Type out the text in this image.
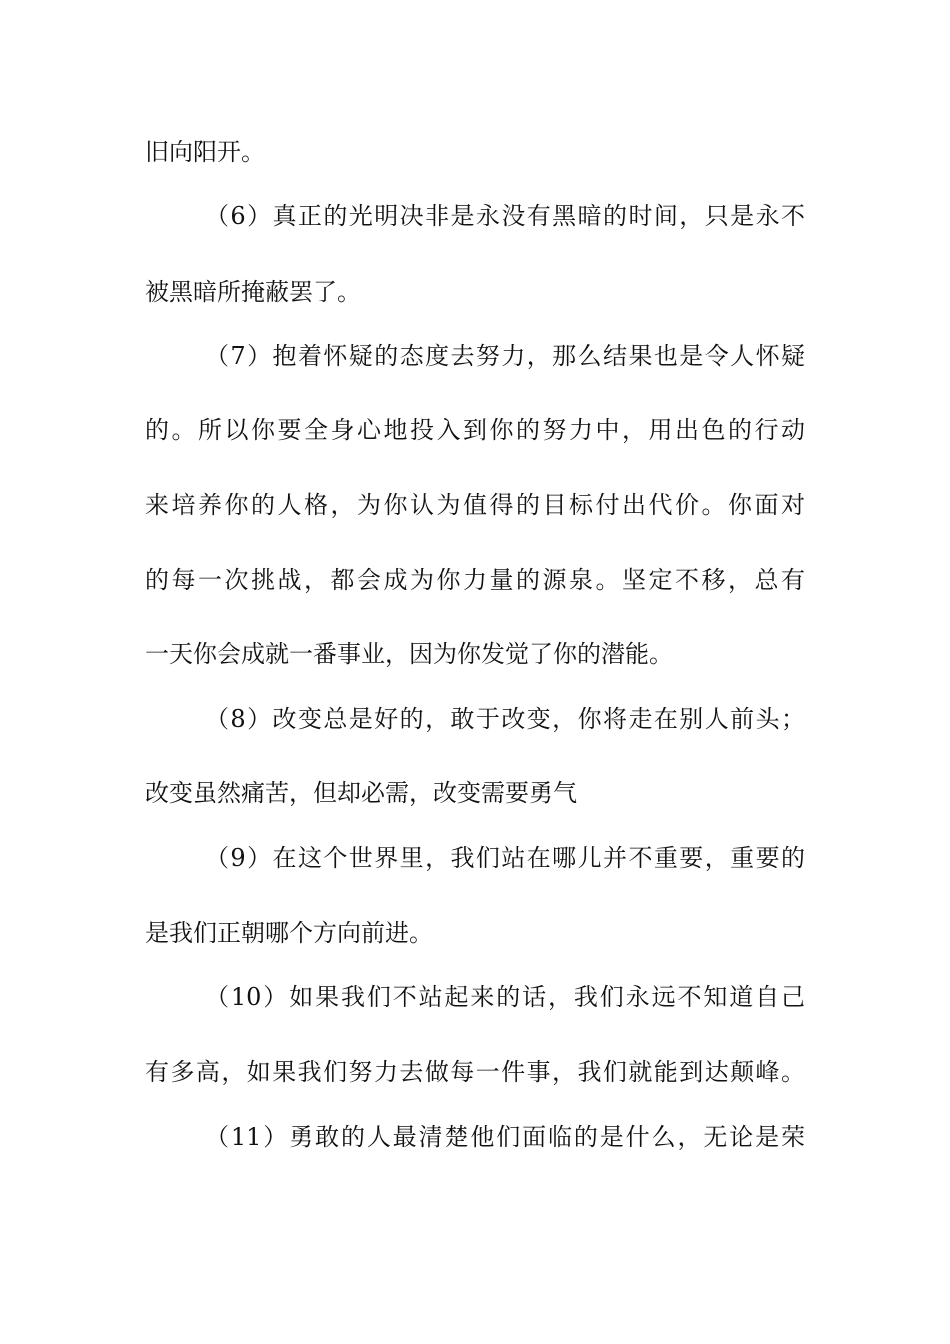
旧向阳开。
（6）真正的光明决非是永没有黑暗的时间，只是永不
被黑暗所掩蔽罢了。
（7）抱着怀疑的态度去努力，那么结果也是令人怀疑
的。所以你要全身心地投入到你的努力中，用出色的行动
来培养你的人格，为你认为值得的目标付出代价。你面对
的每一次挑战，都会成为你力量的源泉。坚定不移，总有
一天你会成就一番事业，因为你发觉了你的潜能。
（8）改变总是好的，敢于改变，你将走在别人前头；
改变虽然痛苦，但却必需，改变需要勇气
（9）在这个世界里，我们站在哪儿并不重要，重要的
是我们正朝哪个方向前进。
（10）如果我们不站起来的话，我们永远不知道自己
有多高，如果我们努力去做每一件事，我们就能到达颠峰。
（11）勇敢的人最清楚他们面临的是什么，无论是荣
